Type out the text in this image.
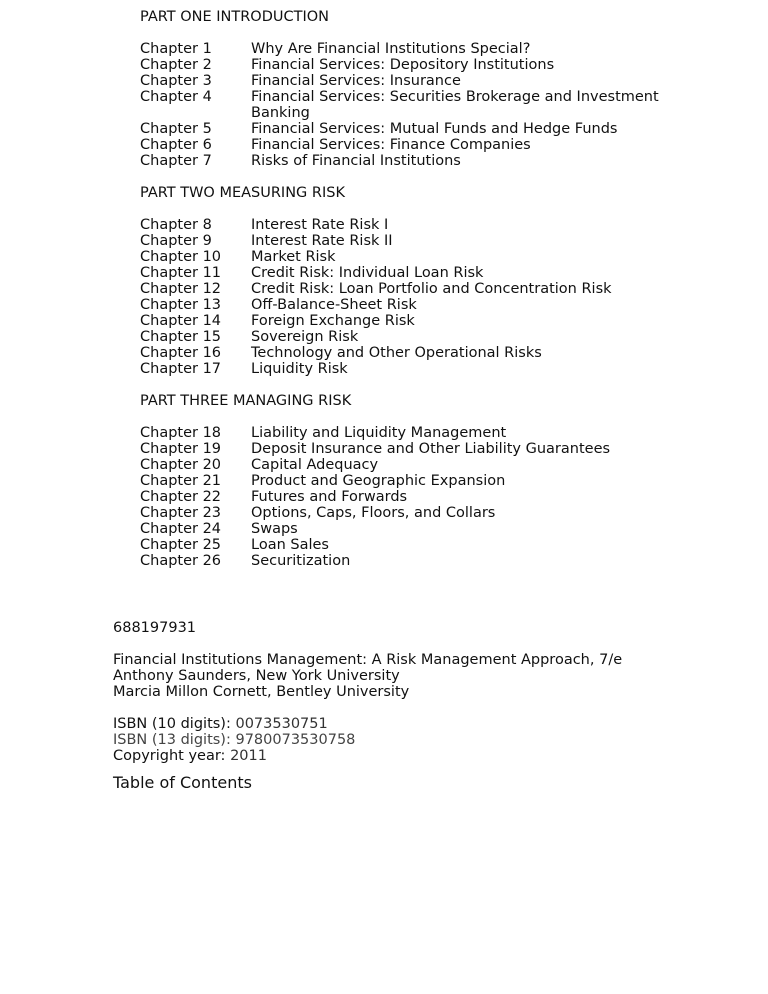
PART ONE INTRODUCTION
Chapter 1	Why Are Financial Institutions Special?
Chapter 2	Financial Services: Depository Institutions
Chapter 3	Financial Services: Insurance
Chapter 4	Financial Services: Securities Brokerage and Investment Banking
Chapter 5	Financial Services: Mutual Funds and Hedge Funds
Chapter 6	Financial Services: Finance Companies
Chapter 7	Risks of Financial Institutions
PART TWO MEASURING RISK
Chapter 8	Interest Rate Risk I
Chapter 9	Interest Rate Risk II
Chapter 10	Market Risk
Chapter 11	Credit Risk: Individual Loan Risk
Chapter 12	Credit Risk: Loan Portfolio and Concentration Risk
Chapter 13	Off-Balance-Sheet Risk
Chapter 14	Foreign Exchange Risk
Chapter 15	Sovereign Risk
Chapter 16	Technology and Other Operational Risks
Chapter 17	Liquidity Risk
PART THREE MANAGING RISK
Chapter 18	Liability and Liquidity Management
Chapter 19	Deposit Insurance and Other Liability Guarantees
Chapter 20	Capital Adequacy
Chapter 21	Product and Geographic Expansion
Chapter 22	Futures and Forwards
Chapter 23	Options, Caps, Floors, and Collars
Chapter 24	Swaps
Chapter 25	Loan Sales
Chapter 26	Securitization
688197931
Financial Institutions Management: A Risk Management Approach, 7/e
Anthony Saunders, New York University
Marcia Millon Cornett, Bentley University
ISBN (10 digits): 0073530751
ISBN (13 digits): 9780073530758
Copyright year: 2011
Table of Contents
